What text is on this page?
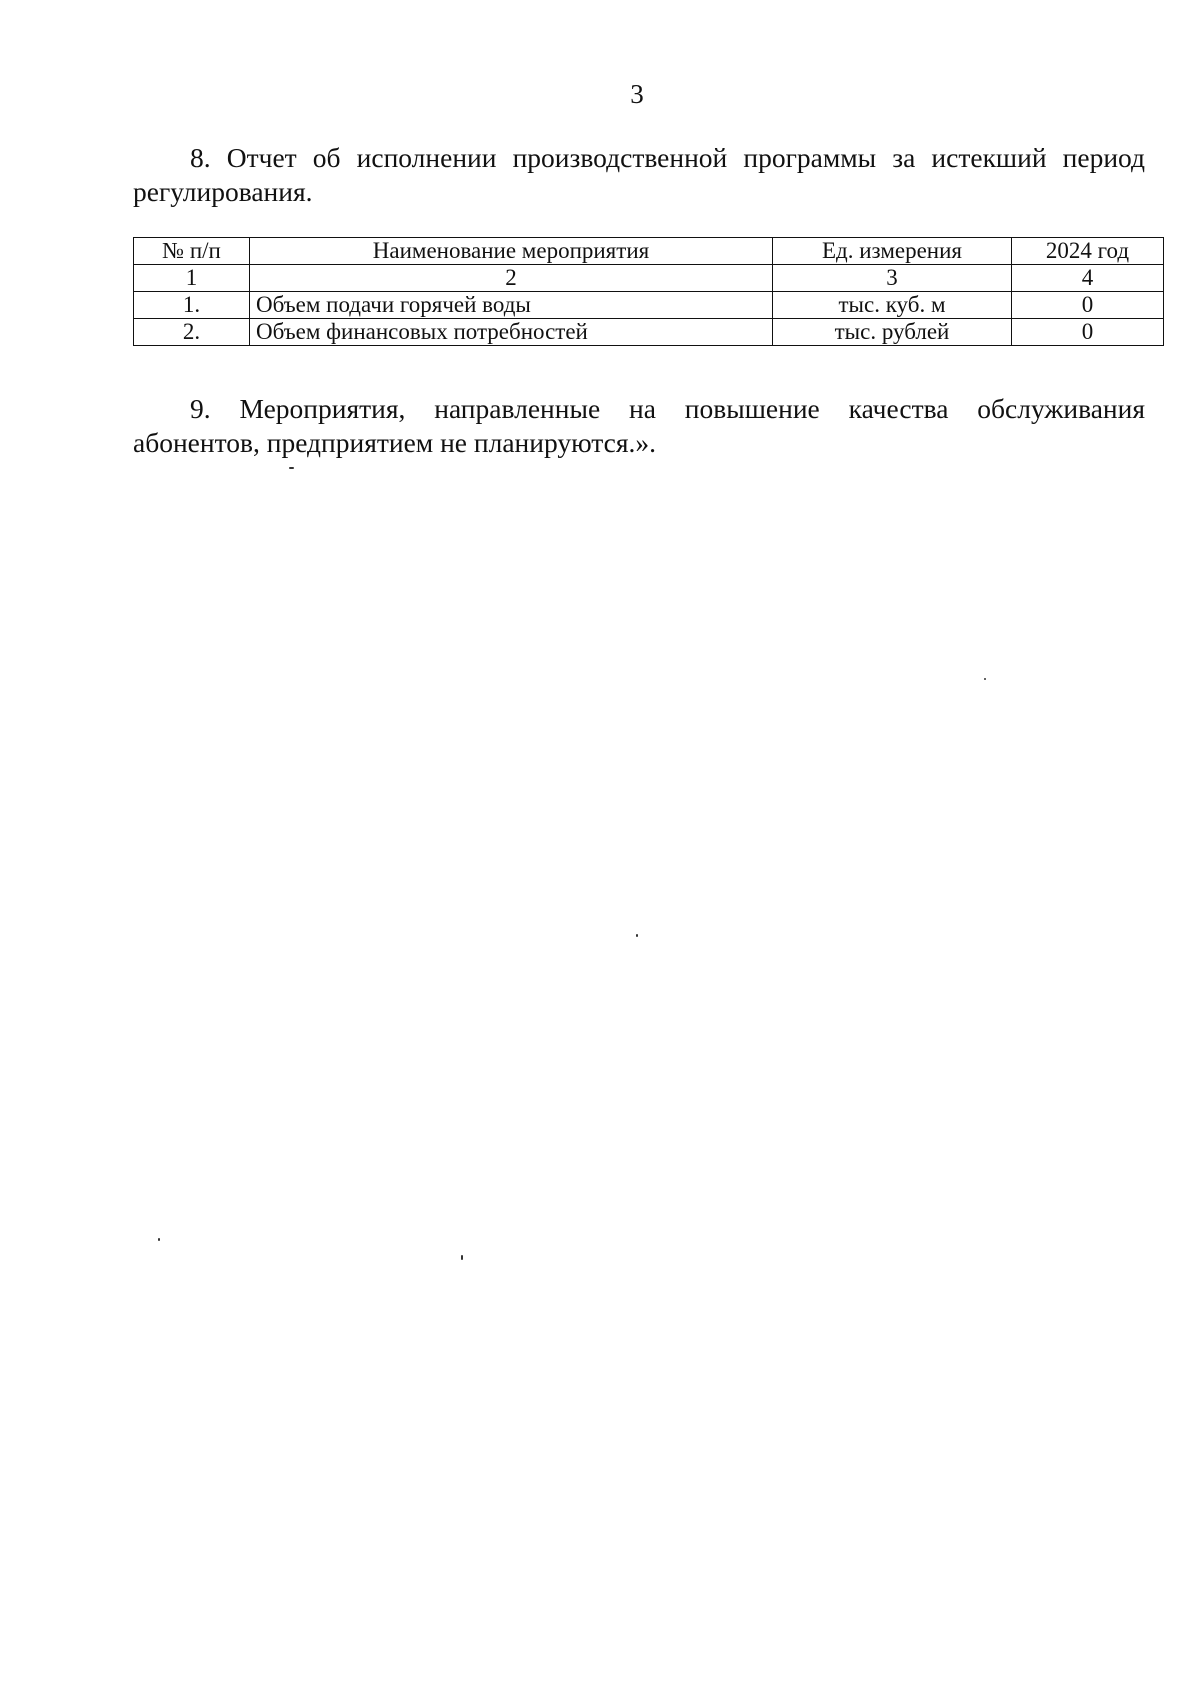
3

8. Отчет об исполнении производственной программы за истекший период регулирования.

№ п/п	Наименование мероприятия	Ед. измерения	2024 год
1	2	3	4
1.	Объем подачи горячей воды	тыс. куб. м	0
2.	Объем финансовых потребностей	тыс. рублей	0

9. Мероприятия, направленные на повышение качества обслуживания абонентов, предприятием не планируются.».
